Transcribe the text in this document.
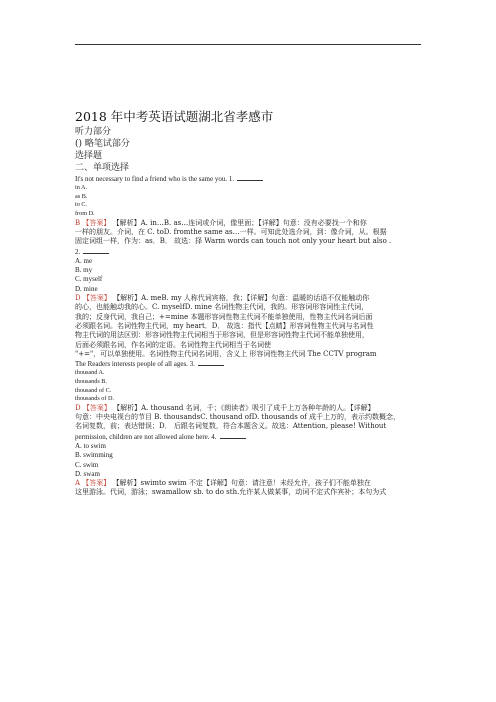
2018 年中考英语试题湖北省孝感市
听力部分
() 略笔试部分
选择题
二、单项选择
It's not necessary to find a friend who is the same you. 1.
in A.
as B.
to C.
from D.
B 【答案】 【解析】A. in…B. as…连词或介词，像里面；【详解】句意：没有必要找一个和你
一样的朋友。介词，在 C. toD. fromthe same as…一样。可知此处选介词，到：像介词，从。根据
固定词组一样，作为：as．B． 故选：择 Warm words can touch not only your heart but also .
2.
A. me
B. my
C. myself
D. mine
D 【答案】 【解析】A. meB. my 人称代词宾格，我；【详解】句意：温暖的话语不仅能触动你
的心，也能触动我的心。C. myselfD. mine 名词性物主代词，我的。形容词形容词性主代词，
我的；反身代词，我自己；+=mine 本题形容词性物主代词不能单独使用，性物主代词名词后面
必须跟名词。名词性物主代词，my heart．D． 故选：指代【点睛】形容词性物主代词与名词性
物主代词的用法区别：形容词性物主代词相当于形容词，但是形容词性物主代词不能单独使用，
后面必须跟名词，作名词的定语。名词性物主代词相当于名词使
"+="，可以单独使用。名词性物主代词名词用，含义上 形容词性物主代词 The CCTV program
The Readers interests people of all ages. 3.
thousand A.
thousands B.
thousand of C.
thousands of D.
D 【答案】 【解析】A. thousand 名词，千；《朗读者》吸引了成千上万各种年龄的人。【详解】
句意：中央电视台的节目 B. thousandsC. thousand ofD. thousands of 成千上万的，表示约数概念，
名词复数，前；表达错误；D． 后跟名词复数，符合本题含义。故选：Attention, please! Without
permission, children are not allowed alone here. 4.
A. to swim
B. swimming
C. swim
D. swam
A 【答案】 【解析】swimto swim 不定【详解】句意：请注意！未经允许，孩子们不能单独在
这里游泳。代词，游泳；swamallow sb. to do sth.允许某人做某事，动词不定式作宾补；本句为式
